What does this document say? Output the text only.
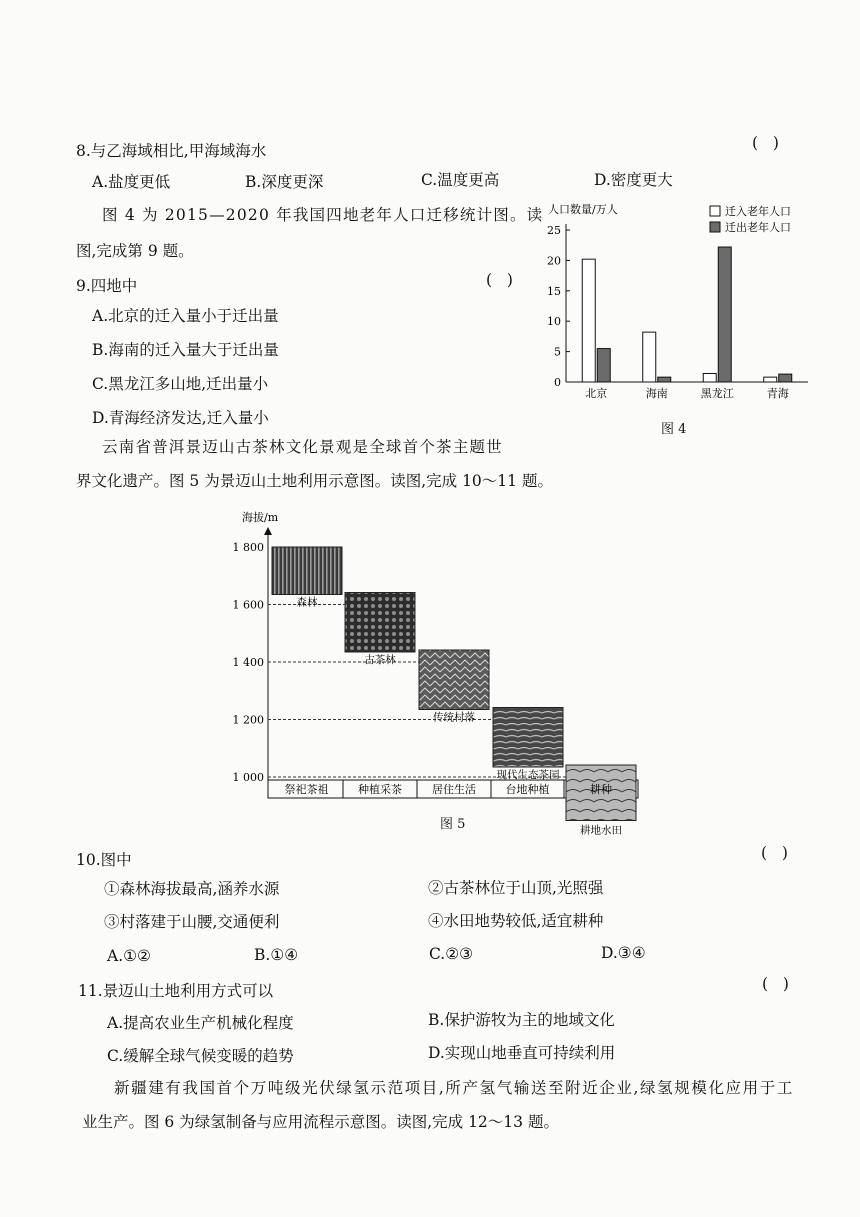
8.与乙海域相比,甲海域海水	(   )
A.盐度更低	B.深度更深	C.温度更高	D.密度更大
图 4 为 2015—2020 年我国四地老年人口迁移统计图。读
图,完成第 9 题。
9.四地中	(   )
A.北京的迁入量小于迁出量
B.海南的迁入量大于迁出量
C.黑龙江多山地,迁出量小
D.青海经济发达,迁入量小
人口数量/万人
0
5
10
15
20
25
北京	海南	黑龙江	青海
迁入老年人口
迁出老年人口
图 4
云南省普洱景迈山古茶林文化景观是全球首个茶主题世
界文化遗产。图 5 为景迈山土地利用示意图。读图,完成 10～11 题。
海拔/m
1 800
1 600
1 400
1 200
1 000
森林
祭祀茶祖
古茶林
种植采茶
传统村落
居住生活
现代生态茶园
台地种植
耕地水田
耕种
图 5
10.图中	(   )
①森林海拔最高,涵养水源	②古茶林位于山顶,光照强
③村落建于山腰,交通便利	④水田地势较低,适宜耕种
A.①②	B.①④	C.②③	D.③④
11.景迈山土地利用方式可以	(   )
A.提高农业生产机械化程度	B.保护游牧为主的地域文化
C.缓解全球气候变暖的趋势	D.实现山地垂直可持续利用
新疆建有我国首个万吨级光伏绿氢示范项目,所产氢气输送至附近企业,绿氢规模化应用于工
业生产。图 6 为绿氢制备与应用流程示意图。读图,完成 12～13 题。
